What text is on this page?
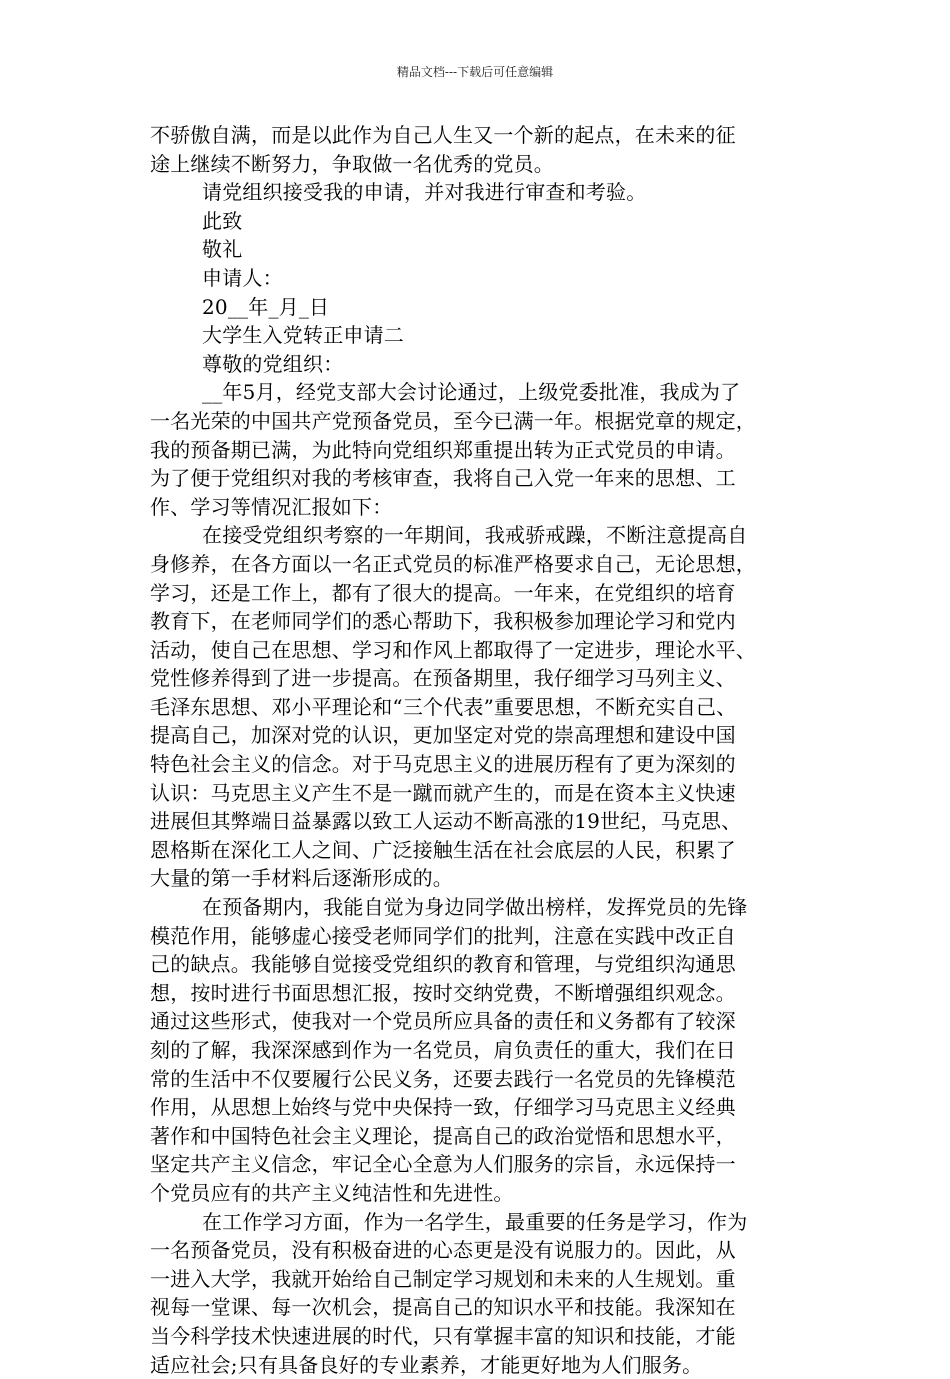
精品文档---下载后可任意编辑
不骄傲自满，而是以此作为自己人生又一个新的起点，在未来的征
途上继续不断努力，争取做一名优秀的党员。
请党组织接受我的申请，并对我进行审查和考验。
此致
敬礼
申请人：
20__年_月_日
大学生入党转正申请二
尊敬的党组织：
__年5月，经党支部大会讨论通过，上级党委批准，我成为了
一名光荣的中国共产党预备党员，至今已满一年。根据党章的规定，
我的预备期已满，为此特向党组织郑重提出转为正式党员的申请。
为了便于党组织对我的考核审查，我将自己入党一年来的思想、工
作、学习等情况汇报如下：
在接受党组织考察的一年期间，我戒骄戒躁，不断注意提高自
身修养，在各方面以一名正式党员的标准严格要求自己，无论思想，
学习，还是工作上，都有了很大的提高。一年来，在党组织的培育
教育下，在老师同学们的悉心帮助下，我积极参加理论学习和党内
活动，使自己在思想、学习和作风上都取得了一定进步，理论水平、
党性修养得到了进一步提高。在预备期里，我仔细学习马列主义、
毛泽东思想、邓小平理论和“三个代表”重要思想，不断充实自己、
提高自己，加深对党的认识，更加坚定对党的崇高理想和建设中国
特色社会主义的信念。对于马克思主义的进展历程有了更为深刻的
认识：马克思主义产生不是一蹴而就产生的，而是在资本主义快速
进展但其弊端日益暴露以致工人运动不断高涨的19世纪，马克思、
恩格斯在深化工人之间、广泛接触生活在社会底层的人民，积累了
大量的第一手材料后逐渐形成的。
在预备期内，我能自觉为身边同学做出榜样，发挥党员的先锋
模范作用，能够虚心接受老师同学们的批判，注意在实践中改正自
己的缺点。我能够自觉接受党组织的教育和管理，与党组织沟通思
想，按时进行书面思想汇报，按时交纳党费，不断增强组织观念。
通过这些形式，使我对一个党员所应具备的责任和义务都有了较深
刻的了解，我深深感到作为一名党员，肩负责任的重大，我们在日
常的生活中不仅要履行公民义务，还要去践行一名党员的先锋模范
作用，从思想上始终与党中央保持一致，仔细学习马克思主义经典
著作和中国特色社会主义理论，提高自己的政治觉悟和思想水平，
坚定共产主义信念，牢记全心全意为人们服务的宗旨，永远保持一
个党员应有的共产主义纯洁性和先进性。
在工作学习方面，作为一名学生，最重要的任务是学习，作为
一名预备党员，没有积极奋进的心态更是没有说服力的。因此，从
一进入大学，我就开始给自己制定学习规划和未来的人生规划。重
视每一堂课、每一次机会，提高自己的知识水平和技能。我深知在
当今科学技术快速进展的时代，只有掌握丰富的知识和技能，才能
适应社会;只有具备良好的专业素养，才能更好地为人们服务。
